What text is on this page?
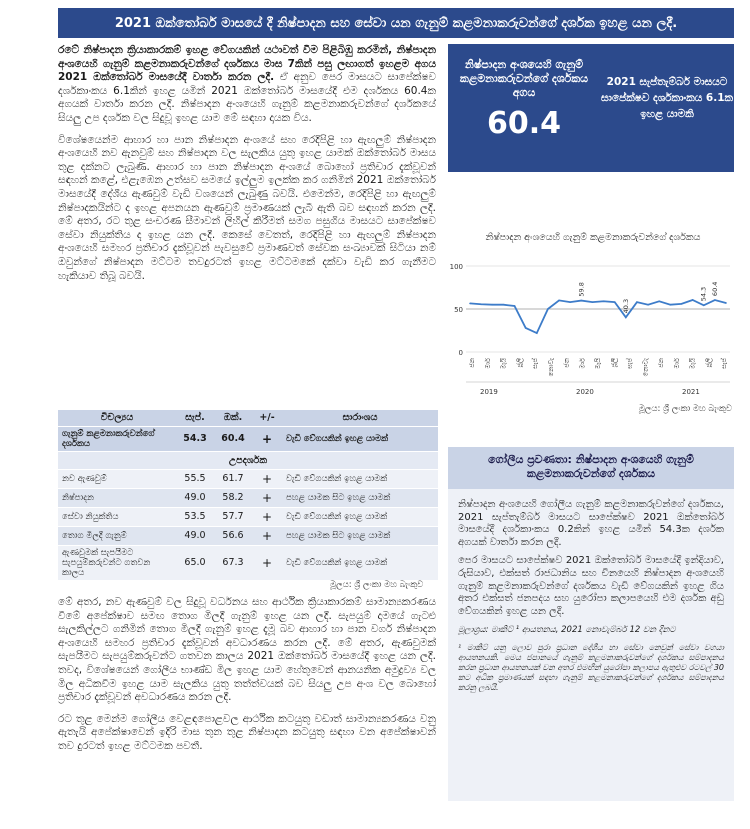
2021 ඔක්තෝබර් මාසයේ දී නිෂ්පාදන සහ සේවා යන ගැනුම් කළමනාකරුවන්ගේ දර්ශක ඉහළ යන ලදී.

රටේ නිෂ්පාදන ක්‍රියාකාරකම් ඉහළ වේගයකින් යථාවත් වීම පිළිබිඹු කරමින්, නිෂ්පාදන අංශයෙහි ගැනුම් කළමනාකරුවන්ගේ දර්ශකය මාස 7කින් පසු ලඟාගත් ඉහළම අගය 2021 ඔක්තෝබර් මාසයේදී වාර්තා කරන ලදී. ඒ අනුව පෙර මාසයට සාපේක්ෂව දර්ශකාංකය 6.1කින් ඉහළ යමින් 2021 ඔක්තෝබර් මාසයේදී එම දර්ශකය 60.4ක අගයක් වාර්තා කරන ලදී. නිෂ්පාදන අංශයෙහි ගැනුම් කළමනාකරුවන්ගේ දර්ශකයේ සියලු උප දර්ශක වල සිදුවූ ඉහළ යාම මේ සඳහා දායක විය.

විශේෂයෙන්ම ආහාර හා පාන නිෂ්පාදන අංශයේ සහ රෙදිපිළි හා ඇඟලුම් නිෂ්පාදන අංශයෙහි නව ඇනවුම් සහ නිෂ්පාදන වල සැලකිය යුතු ඉහළ යාමක් ඔක්තෝබර් මාසය තුළ දක්නට ලැබුණි. ආහාර හා පාන නිෂ්පාදන අංශයේ බොහෝ ප්‍රතිචාර දැක්වූවන් සඳහන් කළේ, එළැඹෙන උත්සව සමයේ ඉල්ලුම ඉලක්ක කර ගනිමින් 2021 ඔක්තෝබර් මාසයේදී දේශීය ඇණවුම් වැඩි වශයෙන් ලැබුණු බවයි. එමෙන්ම, රෙදිපිළි හා ඇඟලුම් නිෂ්පාදකයින්ට ද ඉහළ අපනයන ඇණවුම් ප්‍රමාණයක් ලැබී ඇති බව සඳහන් කරන ලදී. මේ අතර, රට තුළ සංචරණ සීමාවන් ලිහිල් කිරීමත් සමග පසුගිය මාසයට සාපේක්ෂව සේවා නියුක්තිය ද ඉහළ යන ලදී. කෙසේ වෙතත්, රෙදිපිළි හා ඇඟලුම් නිෂ්පාදන අංශයෙහි සමහර ප්‍රතිචාර දැක්වූවන් පැවසුවේ ප්‍රමාණවත් සේවක සංඛ්‍යාවක් සිටියා නම් ඔවුන්ගේ නිෂ්පාදන මට්ටම තවදුරටත් ඉහළ මට්ටමකේ දක්වා වැඩි කර ගැනීමට හැකියාව තිබූ බවයි.

නිෂ්පාදන අංශයෙහි ගැනුම් කළමනාකරුවන්ගේ දර්ශකය අගය
60.4
2021 සැප්තැම්බර් මාසයට සාපේක්ෂව දර්ශකාංකය 6.1ක ඉහළ යාමකි
නිෂ්පාදන අංශයෙහි ගැනුම් කළමනාකරුවන්ගේ දර්ශකය
0
50
100
59.8
40.3
54.3 60.4
ජන මාර් මැයි ජූලි සැප් නොවැ ජන මාර් මැයි ජූලි සැප් නොවැ ජන මාර් මැයි ජූලි සැප්
2019	2020	2021
මූලය: ශ්‍රී ලංකා මහ බැංකුව
විචල්‍යය	සැප්.	ඔක්.	+/-	සාරාංශය
ගැනුම් කළමනාකරුවන්ගේ දර්ශකය	54.3	60.4	+	වැඩි වේගයකින් ඉහළ යාමක්
උපදර්ශක				
නව ඇණවුම්	55.5	61.7	+	වැඩි වේගයකින් ඉහළ යාමක්
නිෂ්පාදන	49.0	58.2	+	පහළ යාමක සිට ඉහළ යාමක්
සේවා නියුක්තිය	53.5	57.7	+	වැඩි වේගයකින් ඉහළ යාමක්
තොග මිලදී ගැනුම්	49.0	56.6	+	පහළ යාමක සිට ඉහළ යාමක්
ඇණවුමක් සැපයීමට සැපයුම්කරුවන්ට ගතවන කාලය	65.0	67.3	+	වැඩි වේගයකින් ඉහළ යාමක්
මූලය: ශ්‍රී ලංකා මහ බැංකුව

මේ අතර, නව ඇණවුම් වල සිදුවූ වර්ධනය සහ ආර්ථික ක්‍රියාකාරකම් සාමාන්‍යකරණය වීමේ අපේක්ෂාව සමඟ තොග මිලදී ගැනුම් ඉහළ යන ලදී. සැපයුම් දාමයේ ගැටළු සැලකිල්ලට ගනිමින් තොග මිලදී ගැනුම් ඉහළ දැමූ බව ආහාර හා පාන වර්ග නිෂ්පාදන අංශයෙහි සමහර ප්‍රතිචාර දැක්වූවන් අවධාරණය කරන ලදී. මේ අතර, ඇණවුමක් සැපයීමට සැපයුම්කරුවන්ට ගතවන කාලය 2021 ඔක්තෝබර් මාසයේදී ඉහළ යන ලදී. තවද, විශේෂයෙන් ගෝලීය භාණ්ඩ මිල ඉහළ යාම හේතුවෙන් ආනයනික අමුද්‍රව්‍ය වල මිල අධිකවීම ඉහළ යාම සැලකිය යුතු තත්ත්වයක් බව සියලු උප අංශ වල බොහෝ ප්‍රතිචාර දැක්වූවන් අවධාරණය කරන ලදී.

රට තුළ මෙන්ම ගෝලීය වෙළඳපොළවල ආර්ථික කටයුතු වඩාත් සාමාන්‍යකරණය වනු ඇතැයි අපේක්ෂාවෙන් ඉදිරි මාස තුන තුළ නිෂ්පාදන කටයුතු සඳහා වන අපේක්ෂාවන් තව දුරටත් ඉහළ මට්ටමක පවතී.

ගෝලීය ප්‍රවණතා: නිෂ්පාදන අංශයෙහි ගැනුම් කළමනාකරුවන්ගේ දර්ශකය

නිෂ්පාදන අංශයෙහි ගෝලීය ගැනුම් කළමනාකරුවන්ගේ දර්ශකය, 2021 සැප්තැම්බර් මාසයට සාපේක්ෂව 2021 ඔක්තෝබර් මාසයේදී දර්ශකාංකය 0.2කින් ඉහළ යමින් 54.3ක දර්ශක අගයක් වාර්තා කරන ලදී.

පෙර මාසයට සාපේක්ෂව 2021 ඔක්තෝබර් මාසයේදී ඉන්දියාව, රුසියාව, එක්සත් රාජධානිය සහ චීනයෙහි නිෂ්පාදන අංශයෙහි ගැනුම් කළමනාකරුවන්ගේ දර්ශකය වැඩි වේගයකින් ඉහළ ගිය අතර එක්සත් ජනපදය සහ යුරෝපා කලාපයෙහි එම දර්ශක අඩු වේගයකින් ඉහළ යන ලදී.

මූලාශ්‍රය: මාකිට් ¹ ආයතනය, 2021 නොවැම්බර් 12 වන දිනට

¹ මාකිට් යනු ලොව පුරා ප්‍රධාන දේශීය හා සේවා නෙවුන් සේවා වගයා ආයතනයකි. මෙය ජපානයේ ගැනුම් කළමනාකරුවන්ගේ දර්ශකය සම්පාදනය කරන ප්‍රධාන ආයතනයක් වන අතර එමඟින් යුරෝපා කලාපය ඇතුළුව රටවල් 30 කට අධික ප්‍රමාණයක් සඳහා ගැනුම් කළමනාකරුවන්ගේ දර්ශකය සම්පාදනය කරනු ලබයි.
